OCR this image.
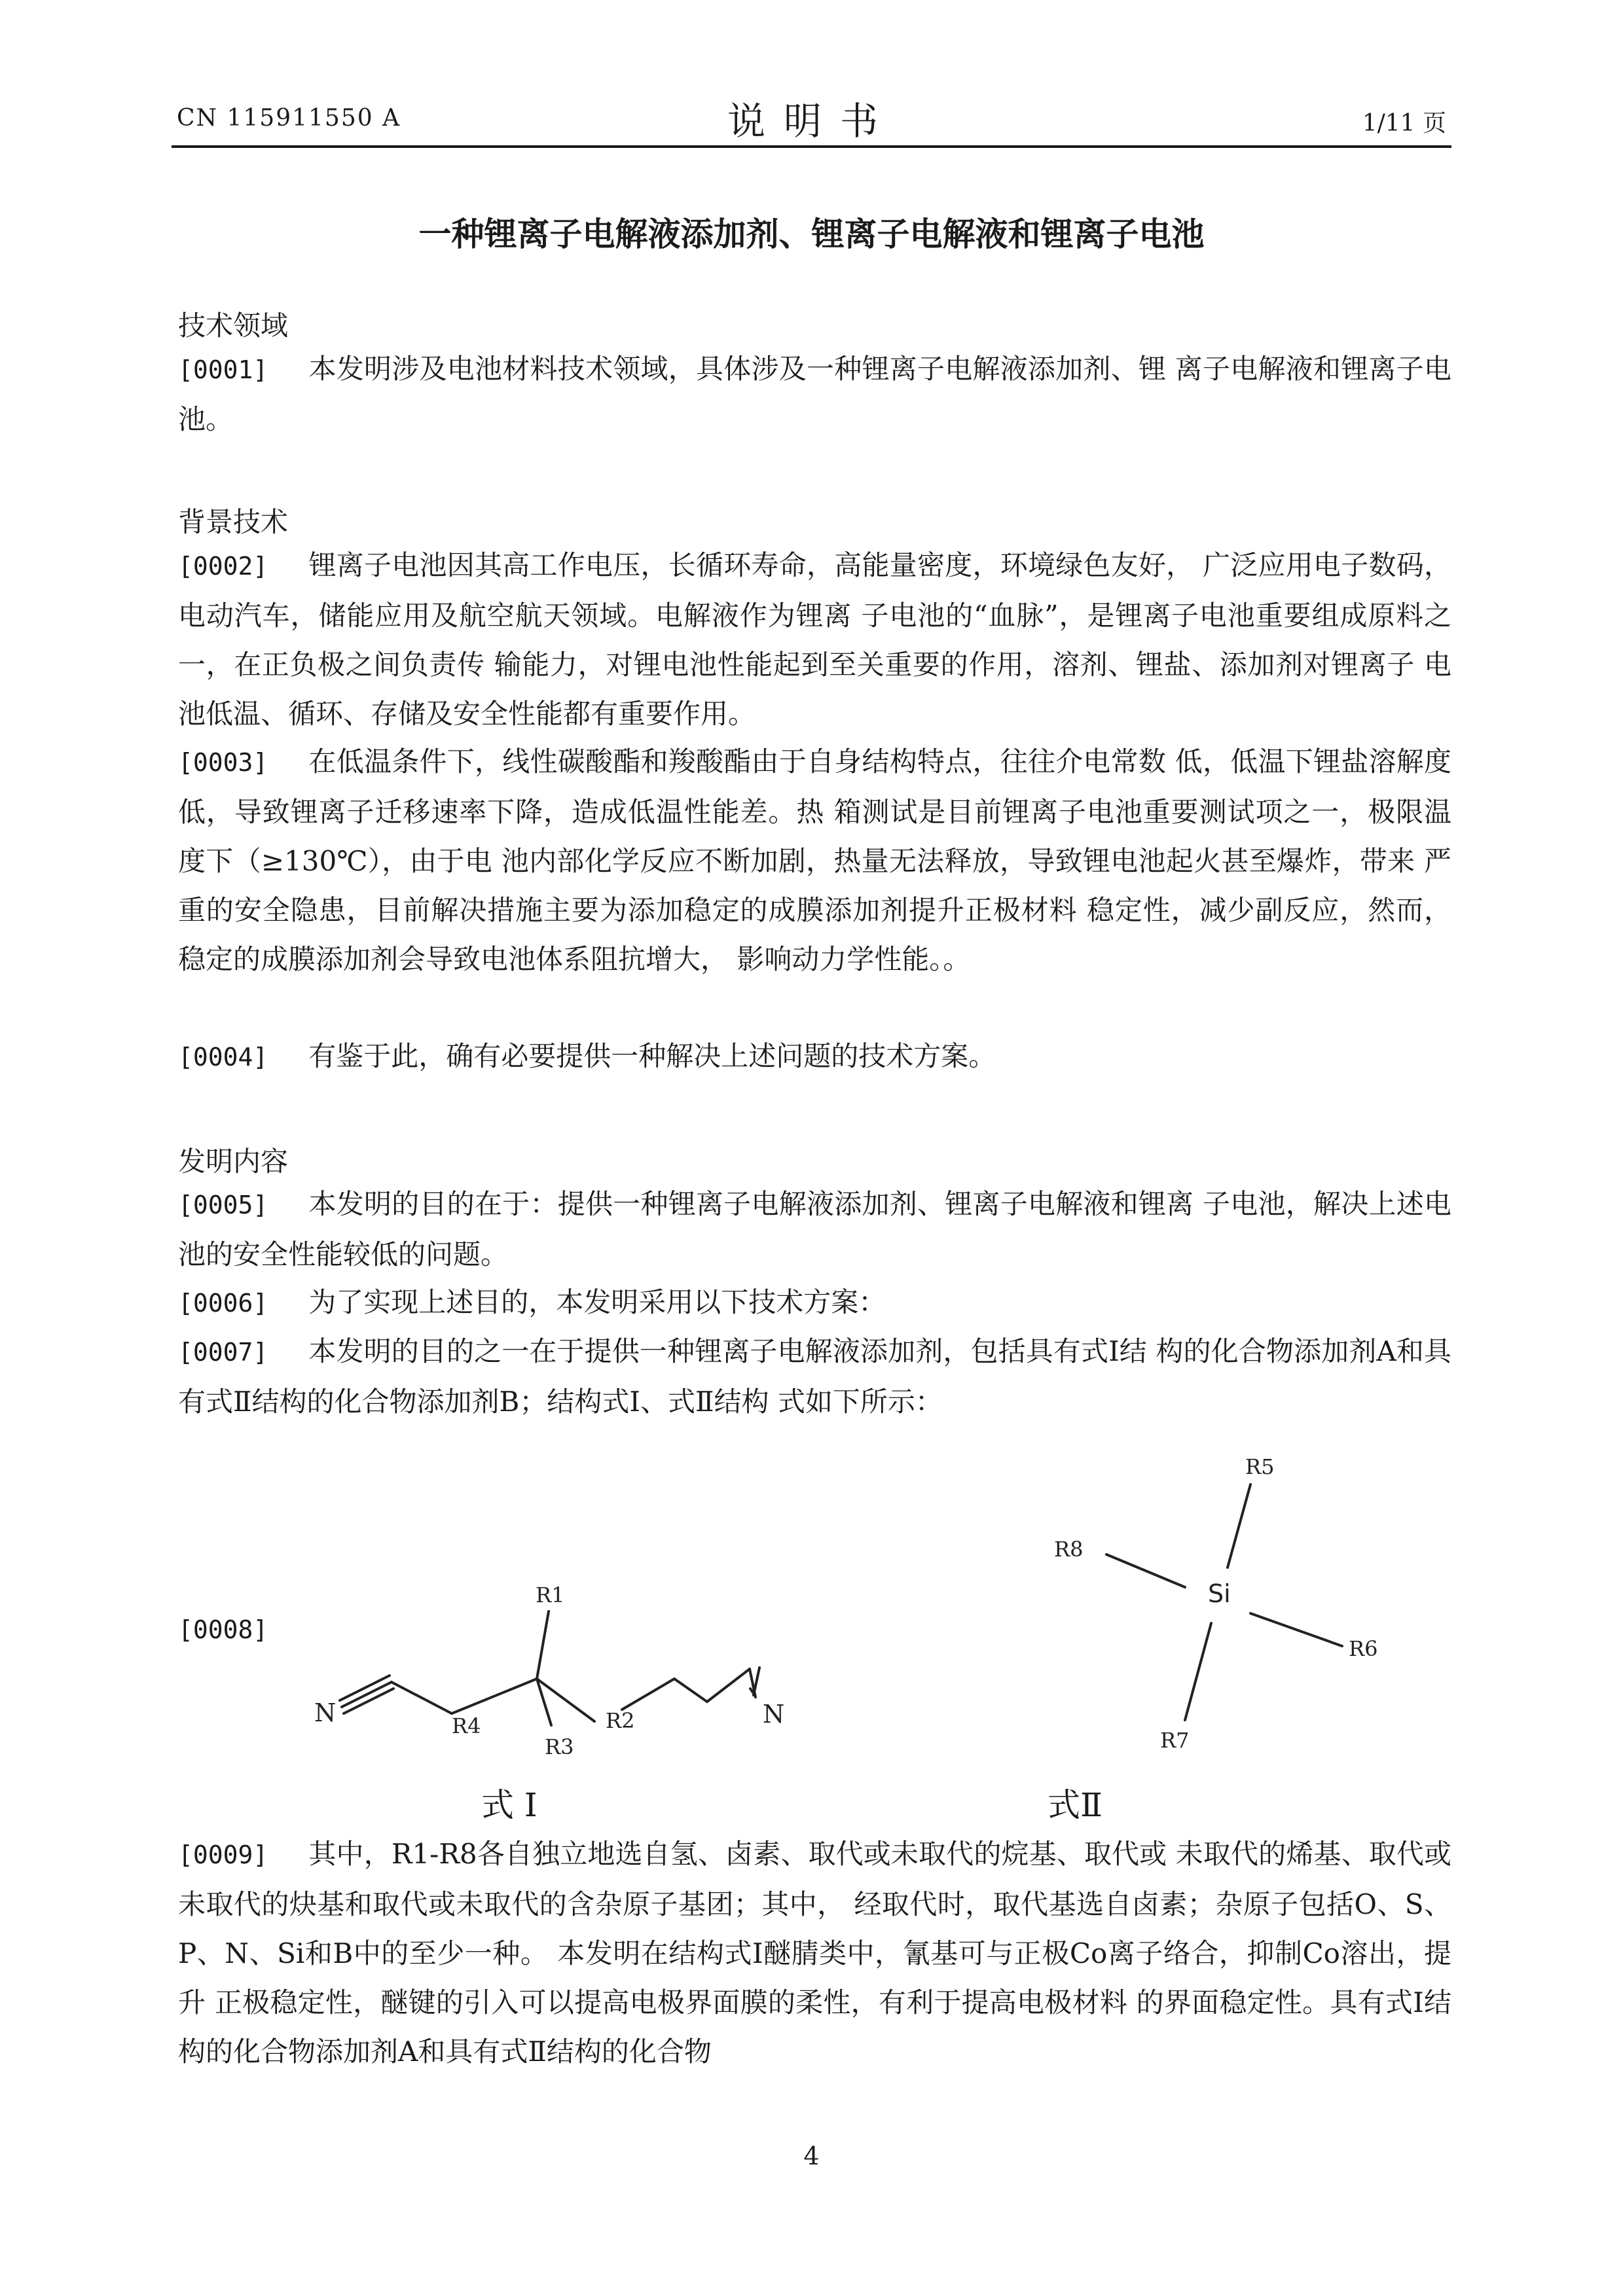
CN 115911550 A	说明书	1/11 页
一种锂离子电解液添加剂、锂离子电解液和锂离子电池
技术领域
[0001] 本发明涉及电池材料技术领域，具体涉及一种锂离子电解液添加剂、锂 离子电解液和锂离子电池。
背景技术
[0002] 锂离子电池因其高工作电压，长循环寿命，高能量密度，环境绿色友好， 广泛应用电子数码，电动汽车，储能应用及航空航天领域。电解液作为锂离 子电池的“血脉”，是锂离子电池重要组成原料之一，在正负极之间负责传 输能力，对锂电池性能起到至关重要的作用，溶剂、锂盐、添加剂对锂离子 电池低温、循环、存储及安全性能都有重要作用。
[0003] 在低温条件下，线性碳酸酯和羧酸酯由于自身结构特点，往往介电常数 低，低温下锂盐溶解度低，导致锂离子迁移速率下降，造成低温性能差。热 箱测试是目前锂离子电池重要测试项之一，极限温度下（≥130℃），由于电 池内部化学反应不断加剧，热量无法释放，导致锂电池起火甚至爆炸，带来 严重的安全隐患，目前解决措施主要为添加稳定的成膜添加剂提升正极材料 稳定性，减少副反应，然而，稳定的成膜添加剂会导致电池体系阻抗增大， 影响动力学性能。。
[0004] 有鉴于此，确有必要提供一种解决上述问题的技术方案。
发明内容
[0005] 本发明的目的在于：提供一种锂离子电解液添加剂、锂离子电解液和锂离 子电池，解决上述电池的安全性能较低的问题。
[0006] 为了实现上述目的，本发明采用以下技术方案：
[0007] 本发明的目的之一在于提供一种锂离子电解液添加剂，包括具有式I结 构的化合物添加剂A和具有式Ⅱ结构的化合物添加剂B；结构式I、式Ⅱ结构 式如下所示：
[0008]
N	R4
R1
R3
R2	N
Si
R5
R8
R6
R7
式 I	式Ⅱ
[0009] 其中，R1-R8各自独立地选自氢、卤素、取代或未取代的烷基、取代或 未取代的烯基、取代或未取代的炔基和取代或未取代的含杂原子基团；其中， 经取代时，取代基选自卤素；杂原子包括O、S、P、N、Si和B中的至少一种。 本发明在结构式I醚腈类中，氰基可与正极Co离子络合，抑制Co溶出，提升 正极稳定性，醚键的引入可以提高电极界面膜的柔性，有利于提高电极材料 的界面稳定性。具有式I结构的化合物添加剂A和具有式Ⅱ结构的化合物
4
